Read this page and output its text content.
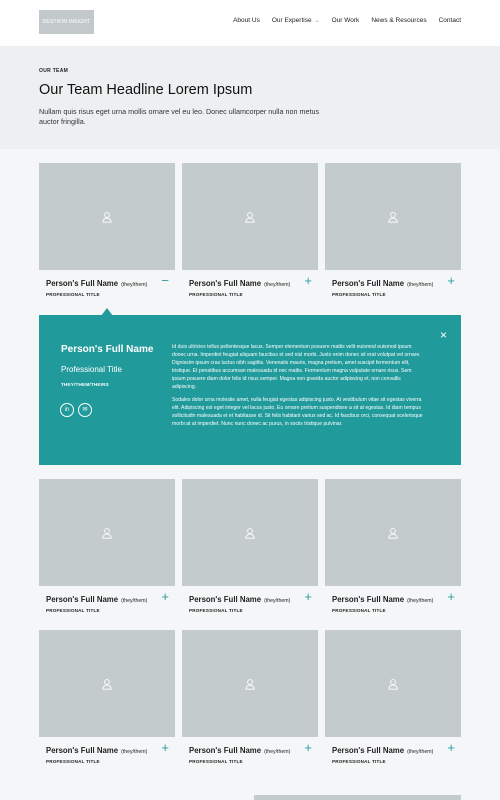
DESTIKIN INSIGHT	About Us Our Expertise ⌄ Our Work News & Resources Contact
OUR TEAM
Our Team Headline Lorem Ipsum

Nullam quis risus eget urna mollis ornare vel eu leo. Donec ullamcorper nulla non metus auctor fringilla.

Person's Full Name (they/them)
PROFESSIONAL TITLE
−	Person's Full Name (they/them)
PROFESSIONAL TITLE
+	Person's Full Name (they/them)
PROFESSIONAL TITLE
+
Person's Full Name
Professional Title
THEY/THEM/THEIRS
in	✉

Id duis ultricies tellus pellentesque lacus. Semper elementum posuere mattis velit euismod euismod ipsum donec urna. Imperdiet feugiat aliquam faucibus et sed nisl morbi. Justo enim donec sit erat volutpat vel ornare. Dignissim ipsum cras luctus nibh sagittis. Venenatis mauris, magna pretium, amet suscipit fermentum elit, tristique. Et penatibus accumsan malesuada id nec mattis. Fermentum magna vulputate ornare risus. Sem ipsum posuere diam dolor felis id risus semper. Magna non gravida auctor adipiscing et, non convallis adipiscing.

Sodales dolor urna molestie amet, nulla feugiat egestas adipiscing justo. At vestibulum vitae sit egestas viverra elit. Adipiscing est eget integer vel lacus justo. Eu ornare pretium suspendisse a sit at egestas. Id diam tempus sollicitudin malesuada et et habitasse id. Sit felis habitant varius sed ac. Id faucibus orci, consequat scelerisque morbi at at imperdiet. Nunc nunc donec ac purus, in sociis tristique pulvinar.

×
Person's Full Name (they/them)
PROFESSIONAL TITLE
+	Person's Full Name (they/them)
PROFESSIONAL TITLE
+	Person's Full Name (they/them)
PROFESSIONAL TITLE
+
Person's Full Name (they/them)
PROFESSIONAL TITLE
+	Person's Full Name (they/them)
PROFESSIONAL TITLE
+	Person's Full Name (they/them)
PROFESSIONAL TITLE
+
